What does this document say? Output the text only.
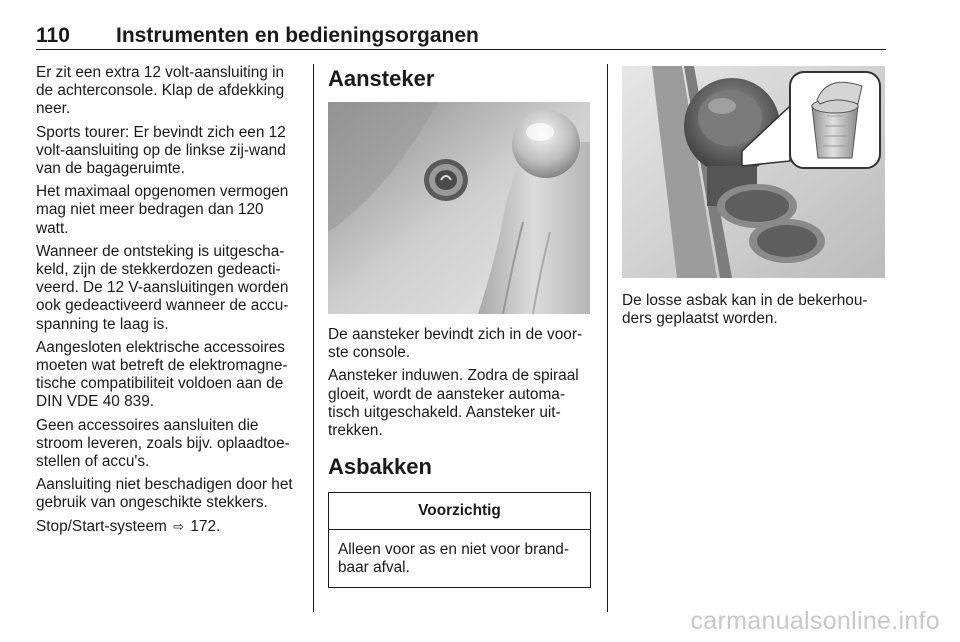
110 Instrumenten en bedieningsorganen

Er zit een extra 12 volt-aansluiting in de achterconsole. Klap de afdekking neer.

Sports tourer: Er bevindt zich een 12 volt-aansluiting op de linkse zij-wand van de bagageruimte.

Het maximaal opgenomen vermogen mag niet meer bedragen dan 120 watt.

Wanneer de ontsteking is uitgescha-keld, zijn de stekkerdozen gedeacti-veerd. De 12 V-aansluitingen worden ook gedeactiveerd wanneer de accu-spanning te laag is.

Aangesloten elektrische accessoires moeten wat betreft de elektromagne-tische compatibiliteit voldoen aan de DIN VDE 40 839.

Geen accessoires aansluiten die stroom leveren, zoals bijv. oplaadtoe-stellen of accu's.

Aansluiting niet beschadigen door het gebruik van ongeschikte stekkers.

Stop/Start-systeem ⇨ 172.

Aansteker

De aansteker bevindt zich in de voor-ste console.

Aansteker induwen. Zodra de spiraal gloeit, wordt de aansteker automa-tisch uitgeschakeld. Aansteker uit-trekken.

Asbakken
Voorzichtig
Alleen voor as en niet voor brand-baar afval.

De losse asbak kan in de bekerhou-ders geplaatst worden.

carmanualsonline.info
